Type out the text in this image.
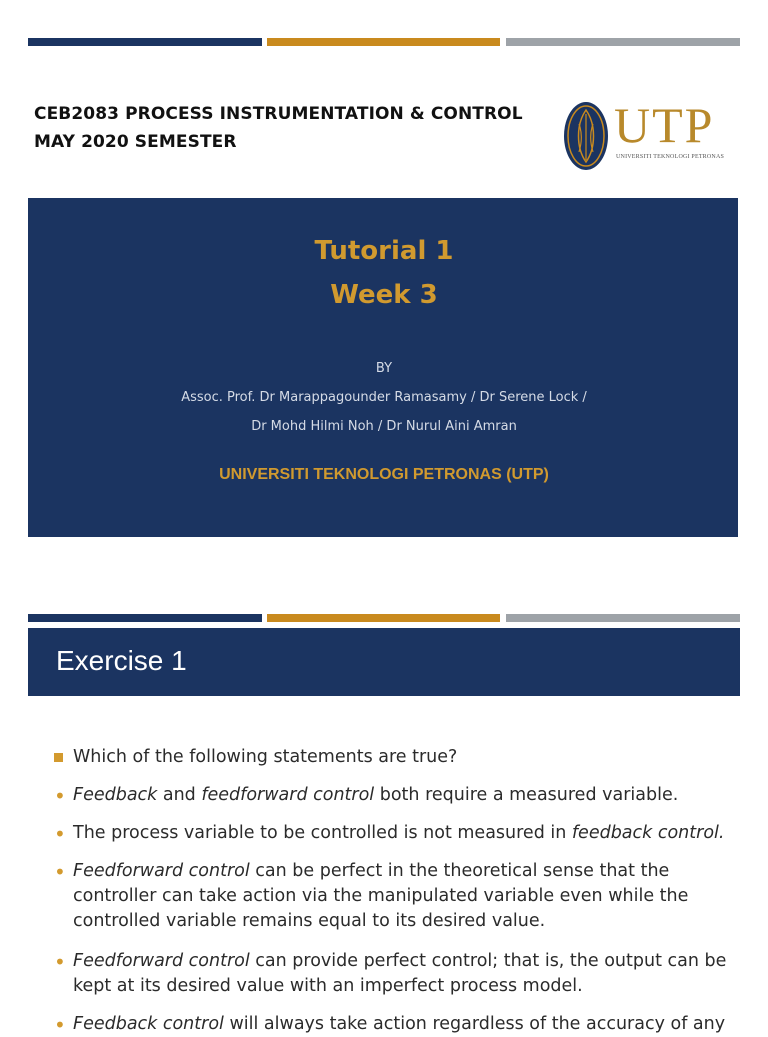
CEB2083 PROCESS INSTRUMENTATION & CONTROL
MAY 2020 SEMESTER	UTP
UNIVERSITI TEKNOLOGI PETRONAS
Tutorial 1
Week 3
BY
Assoc. Prof. Dr Marappagounder Ramasamy / Dr Serene Lock /
Dr Mohd Hilmi Noh / Dr Nurul Aini Amran
UNIVERSITI TEKNOLOGI PETRONAS (UTP)
Exercise 1
Which of the following statements are true?
• Feedback and feedforward control both require a measured variable.
• The process variable to be controlled is not measured in feedback control.
• Feedforward control can be perfect in the theoretical sense that the controller can take action via the manipulated variable even while the controlled variable remains equal to its desired value.
• Feedforward control can provide perfect control; that is, the output can be kept at its desired value with an imperfect process model.
• Feedback control will always take action regardless of the accuracy of any
